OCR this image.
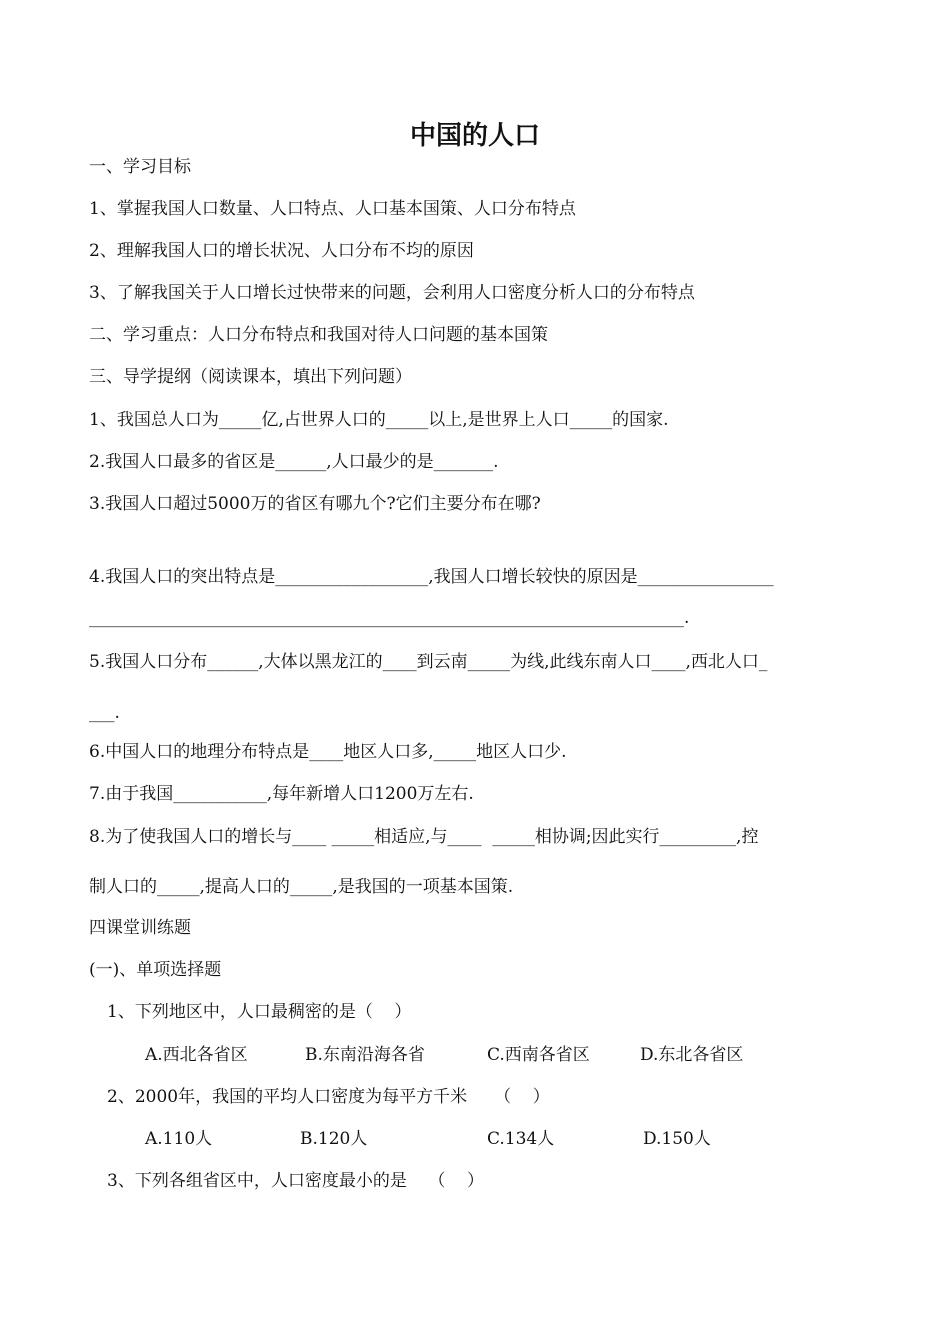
中国的人口
一、学习目标
1、掌握我国人口数量、人口特点、人口基本国策、人口分布特点
2、理解我国人口的增长状况、人口分布不均的原因
3、了解我国关于人口增长过快带来的问题，会利用人口密度分析人口的分布特点
二、学习重点：人口分布特点和我国对待人口问题的基本国策
三、导学提纲（阅读课本，填出下列问题）
1、我国总人口为_____亿,占世界人口的_____以上,是世界上人口_____的国家.
2.我国人口最多的省区是______,人口最少的是_______.
3.我国人口超过5000万的省区有哪九个?它们主要分布在哪?
4.我国人口的突出特点是__________________,我国人口增长较快的原因是________________
______________________________________________________________________.
5.我国人口分布______,大体以黑龙江的____到云南_____为线,此线东南人口____,西北人口_
___.
6.中国人口的地理分布特点是____地区人口多,_____地区人口少.
7.由于我国___________,每年新增人口1200万左右.
8.为了使我国人口的增长与____ _____相适应,与____  _____相协调;因此实行_________,控
制人口的_____,提高人口的_____,是我国的一项基本国策.
四课堂训练题
(一)、单项选择题
1、下列地区中，人口最稠密的是（    ）
A.西北各省区	B.东南沿海各省	C.西南各省区	D.东北各省区
2、2000年，我国的平均人口密度为每平方千米     （    ）
A.110人	B.120人	C.134人	D.150人
3、下列各组省区中，人口密度最小的是    （    ）
